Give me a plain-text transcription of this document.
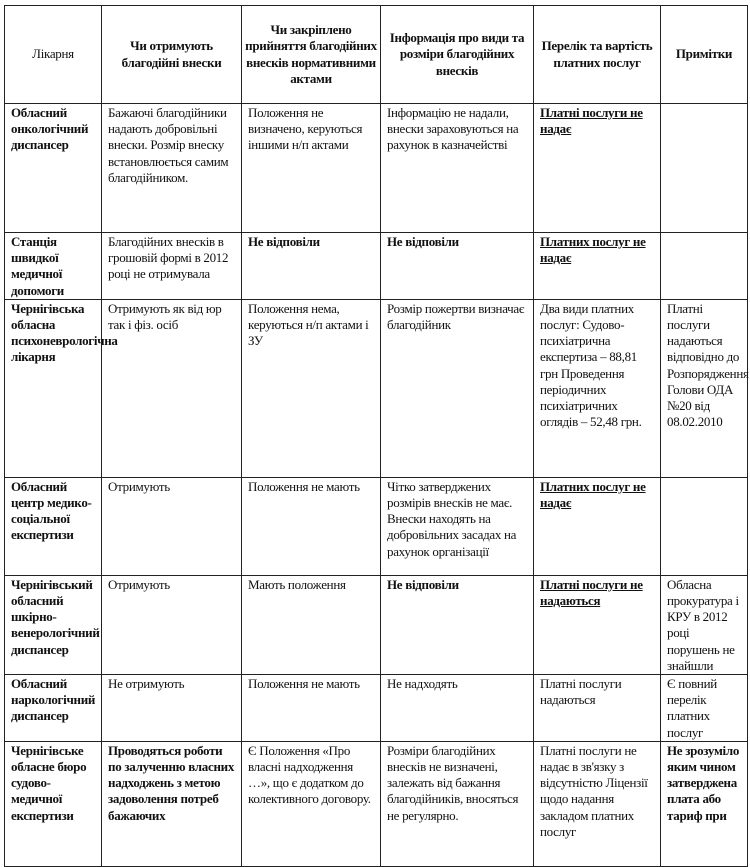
Лікарня	Чи отримують благодійні внески	Чи закріплено прийняття благодійних внесків нормативними актами	Інформація про види та розміри благодійних внесків	Перелік та вартість платних послуг	Примітки
Обласний онкологічний диспансер	Бажаючі благодійники надають добровільні внески. Розмір внеску встановлюється самим благодійником.	Положення не визначено, керуються іншими н/п актами	Інформацію не надали, внески зараховуються на рахунок в казначействі	Платні послуги не надає	
Станція швидкої медичної допомоги	Благодійних внесків в грошовій формі в 2012 році не отримувала	Не відповіли	Не відповіли	Платних послуг не надає	
Чернігівська обласна психоневрологічна лікарня	Отримують як від юр так і фіз. осіб	Положення нема, керуються н/п актами і ЗУ	Розмір пожертви визначає благодійник	Два види платних послуг: Судово-психіатрична експертиза – 88,81 грн Проведення періодичних психіатричних оглядів – 52,48 грн.	Платні послуги надаються відповідно до Розпорядження Голови ОДА №20 від 08.02.2010
Обласний центр медико-соціальної експертизи	Отримують	Положення не мають	Чітко затверджених розмірів внесків не має. Внески находять на добровільних засадах на рахунок організації	Платних послуг не надає	
Чернігівський обласний шкірно-венерологічний диспансер	Отримують	Мають положення	Не відповіли	Платні послуги не надаються	Обласна прокуратура і КРУ в 2012 році порушень не знайшли
Обласний наркологічний диспансер	Не отримують	Положення не мають	Не надходять	Платні послуги надаються	Є повний перелік платних послуг
Чернігівське обласне бюро судово-медичної експертизи	Проводяться роботи по залученню власних надходжень з метою задоволення потреб бажаючих	Є Положення «Про власні надходження …», що є додатком до колективного договору.	Розміри благодійних внесків не визначені, залежать від бажання благодійників, вносяться не регулярно.	Платні послуги не надає в зв'язку з відсутністю Ліцензії щодо надання закладом платних послуг	Не зрозуміло яким чином затверджена плата або тариф при
